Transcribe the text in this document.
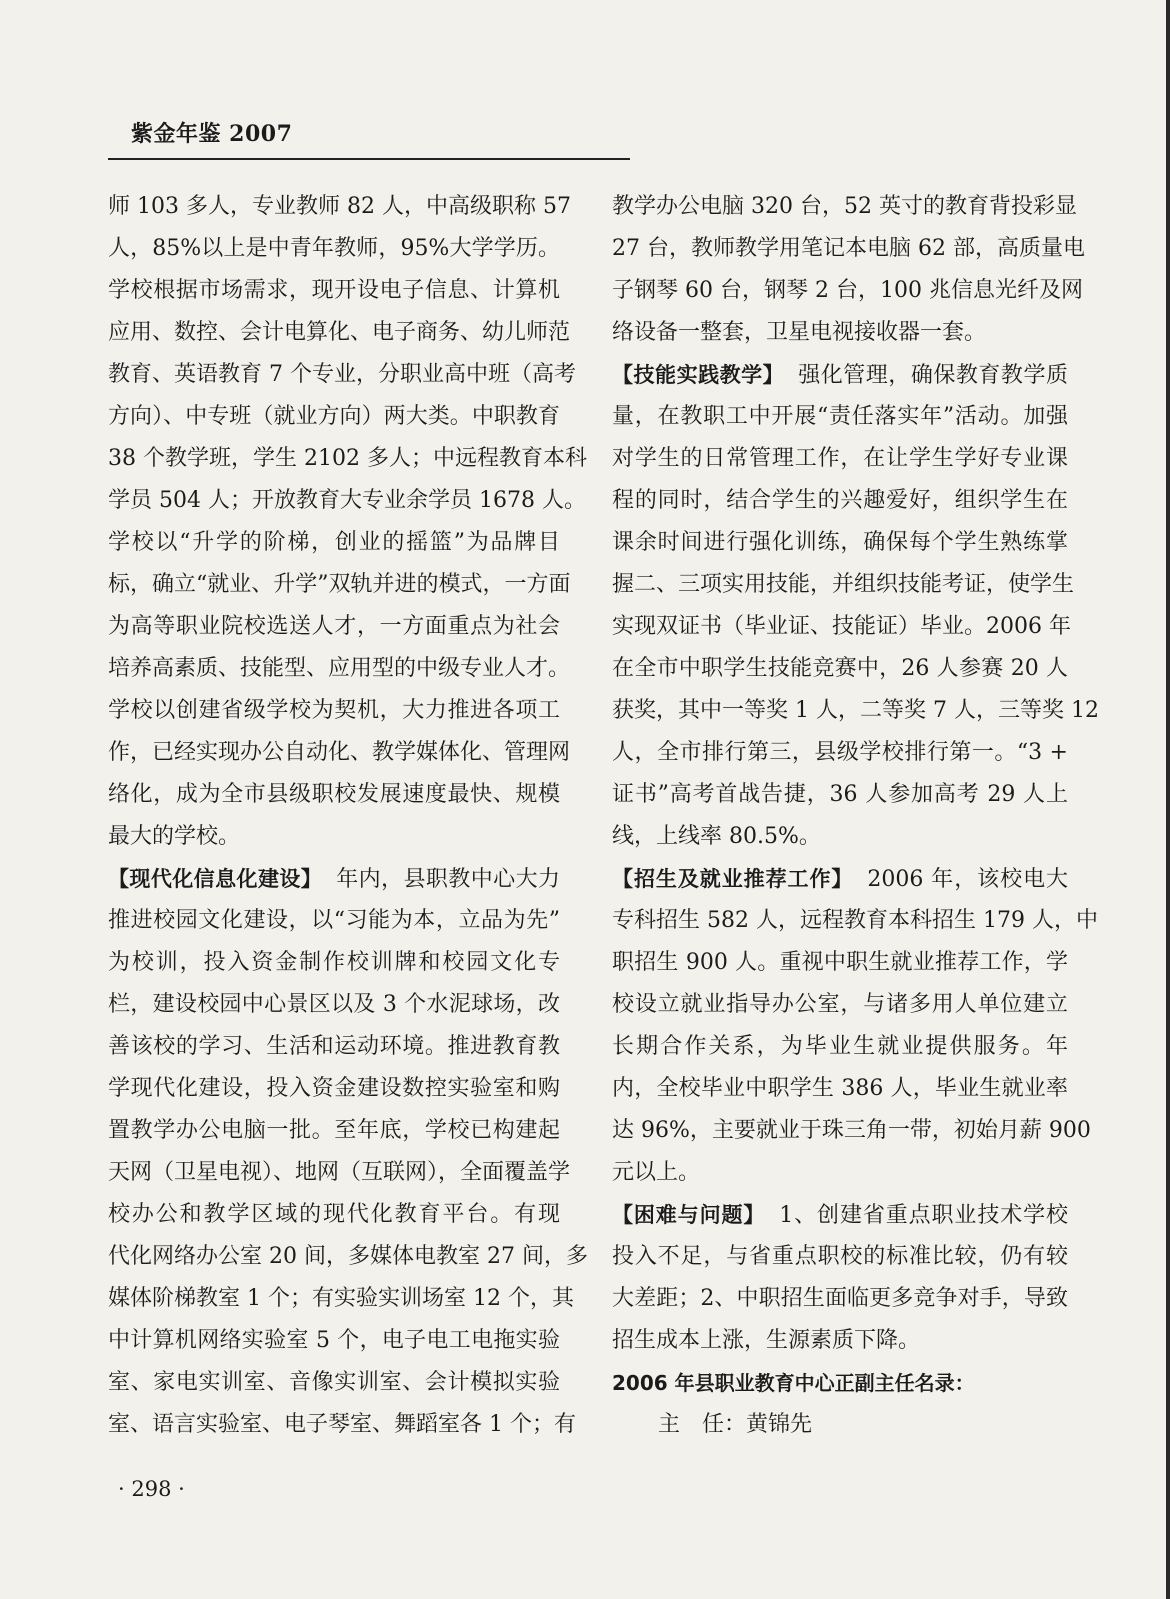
紫金年鉴 2007
师 103 多人，专业教师 82 人，中高级职称 57
人，85%以上是中青年教师，95%大学学历。
学校根据市场需求，现开设电子信息、计算机
应用、数控、会计电算化、电子商务、幼儿师范
教育、英语教育 7 个专业，分职业高中班（高考
方向）、中专班（就业方向）两大类。中职教育
38 个教学班，学生 2102 多人；中远程教育本科
学员 504 人；开放教育大专业余学员 1678 人。
学校以“升学的阶梯，创业的摇篮”为品牌目
标，确立“就业、升学”双轨并进的模式，一方面
为高等职业院校选送人才，一方面重点为社会
培养高素质、技能型、应用型的中级专业人才。
学校以创建省级学校为契机，大力推进各项工
作，已经实现办公自动化、教学媒体化、管理网
络化，成为全市县级职校发展速度最快、规模
最大的学校。
【现代化信息化建设】 年内，县职教中心大力
推进校园文化建设，以“习能为本，立品为先”
为校训，投入资金制作校训牌和校园文化专
栏，建设校园中心景区以及 3 个水泥球场，改
善该校的学习、生活和运动环境。推进教育教
学现代化建设，投入资金建设数控实验室和购
置教学办公电脑一批。至年底，学校已构建起
天网（卫星电视）、地网（互联网），全面覆盖学
校办公和教学区域的现代化教育平台。有现
代化网络办公室 20 间，多媒体电教室 27 间，多
媒体阶梯教室 1 个；有实验实训场室 12 个，其
中计算机网络实验室 5 个，电子电工电拖实验
室、家电实训室、音像实训室、会计模拟实验
室、语言实验室、电子琴室、舞蹈室各 1 个；有
教学办公电脑 320 台，52 英寸的教育背投彩显
27 台，教师教学用笔记本电脑 62 部，高质量电
子钢琴 60 台，钢琴 2 台，100 兆信息光纤及网
络设备一整套，卫星电视接收器一套。
【技能实践教学】 强化管理，确保教育教学质
量，在教职工中开展“责任落实年”活动。加强
对学生的日常管理工作，在让学生学好专业课
程的同时，结合学生的兴趣爱好，组织学生在
课余时间进行强化训练，确保每个学生熟练掌
握二、三项实用技能，并组织技能考证，使学生
实现双证书（毕业证、技能证）毕业。2006 年
在全市中职学生技能竞赛中，26 人参赛 20 人
获奖，其中一等奖 1 人，二等奖 7 人，三等奖 12
人，全市排行第三，县级学校排行第一。“3 +
证书”高考首战告捷，36 人参加高考 29 人上
线，上线率 80.5%。
【招生及就业推荐工作】 2006 年，该校电大
专科招生 582 人，远程教育本科招生 179 人，中
职招生 900 人。重视中职生就业推荐工作，学
校设立就业指导办公室，与诸多用人单位建立
长期合作关系，为毕业生就业提供服务。年
内，全校毕业中职学生 386 人，毕业生就业率
达 96%，主要就业于珠三角一带，初始月薪 900
元以上。
【困难与问题】 1、创建省重点职业技术学校
投入不足，与省重点职校的标准比较，仍有较
大差距；2、中职招生面临更多竞争对手，导致
招生成本上涨，生源素质下降。
2006 年县职业教育中心正副主任名录：
主　任：黄锦先
· 298 ·
